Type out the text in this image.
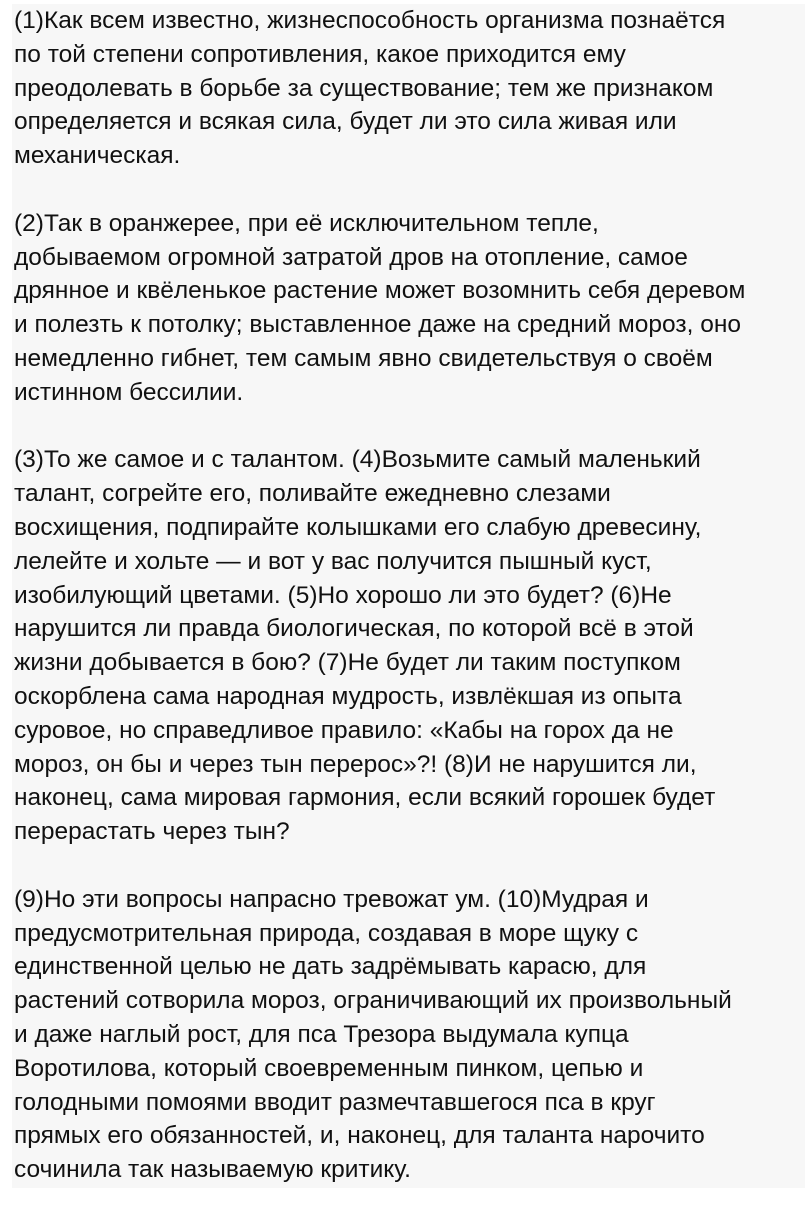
(1)Как всем известно, жизнеспособность организма познаётся
по той степени сопротивления, какое приходится ему
преодолевать в борьбе за существование; тем же признаком
определяется и всякая сила, будет ли это сила живая или
механическая.
(2)Так в оранжерее, при её исключительном тепле,
добываемом огромной затратой дров на отопление, самое
дрянное и квёленькое растение может возомнить себя деревом
и полезть к потолку; выставленное даже на средний мороз, оно
немедленно гибнет, тем самым явно свидетельствуя о своём
истинном бессилии.
(3)То же самое и с талантом. (4)Возьмите самый маленький
талант, согрейте его, поливайте ежедневно слезами
восхищения, подпирайте колышками его слабую древесину,
лелейте и хольте — и вот у вас получится пышный куст,
изобилующий цветами. (5)Но хорошо ли это будет? (6)Не
нарушится ли правда биологическая, по которой всё в этой
жизни добывается в бою? (7)Не будет ли таким поступком
оскорблена сама народная мудрость, извлёкшая из опыта
суровое, но справедливое правило: «Кабы на горох да не
мороз, он бы и через тын перерос»?! (8)И не нарушится ли,
наконец, сама мировая гармония, если всякий горошек будет
перерастать через тын?
(9)Но эти вопросы напрасно тревожат ум. (10)Мудрая и
предусмотрительная природа, создавая в море щуку с
единственной целью не дать задрёмывать карасю, для
растений сотворила мороз, ограничивающий их произвольный
и даже наглый рост, для пса Трезора выдумала купца
Воротилова, который своевременным пинком, цепью и
голодными помоями вводит размечтавшегося пса в круг
прямых его обязанностей, и, наконец, для таланта нарочито
сочинила так называемую критику.
